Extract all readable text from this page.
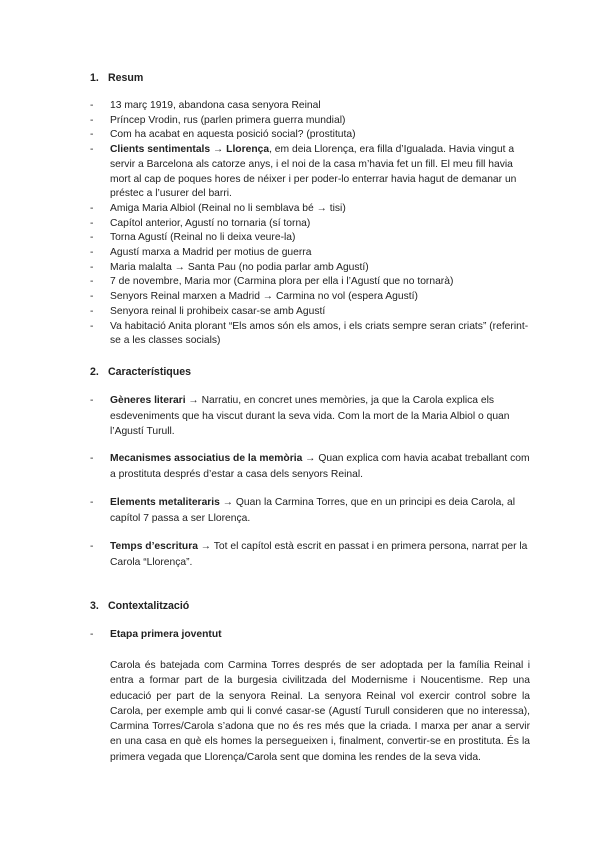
1. Resum
- 13 març 1919, abandona casa senyora Reinal
- Príncep Vrodin, rus (parlen primera guerra mundial)
- Com ha acabat en aquesta posició social? (prostituta)
- Clients sentimentals → Llorença, em deia Llorença, era filla d’Igualada. Havia vingut a servir a Barcelona als catorze anys, i el noi de la casa m’havia fet un fill. El meu fill havia mort al cap de poques hores de néixer i per poder-lo enterrar havia hagut de demanar un préstec a l’usurer del barri.
- Amiga Maria Albiol (Reinal no li semblava bé → tisi)
- Capítol anterior, Agustí no tornaria (sí torna)
- Torna Agustí (Reinal no li deixa veure-la)
- Agustí marxa a Madrid per motius de guerra
- Maria malalta → Santa Pau (no podia parlar amb Agustí)
- 7 de novembre, Maria mor (Carmina plora per ella i l’Agustí que no tornarà)
- Senyors Reinal marxen a Madrid → Carmina no vol (espera Agustí)
- Senyora reinal li prohibeix casar-se amb Agustí
- Va habitació Anita plorant “Els amos són els amos, i els criats sempre seran criats” (referint-se a les classes socials)
2. Característiques
- Gèneres literari → Narratiu, en concret unes memòries, ja que la Carola explica els esdeveniments que ha viscut durant la seva vida. Com la mort de la Maria Albiol o quan l’Agustí Turull.
- Mecanismes associatius de la memòria → Quan explica com havia acabat treballant com a prostituta després d’estar a casa dels senyors Reinal.
- Elements metaliteraris → Quan la Carmina Torres, que en un principi es deia Carola, al capítol 7 passa a ser Llorença.
- Temps d’escritura → Tot el capítol està escrit en passat i en primera persona, narrat per la Carola “Llorença”.
3. Contextalització
- Etapa primera joventut
Carola és batejada com Carmina Torres després de ser adoptada per la família Reinal i entra a formar part de la burgesia civilitzada del Modernisme i Noucentisme. Rep una educació per part de la senyora Reinal. La senyora Reinal vol exercir control sobre la Carola, per exemple amb qui li convé casar-se (Agustí Turull consideren que no interessa), Carmina Torres/Carola s’adona que no és res més que la criada. I marxa per anar a servir en una casa en què els homes la persegueixen i, finalment, convertir-se en prostituta. És la primera vegada que Llorença/Carola sent que domina les rendes de la seva vida.
